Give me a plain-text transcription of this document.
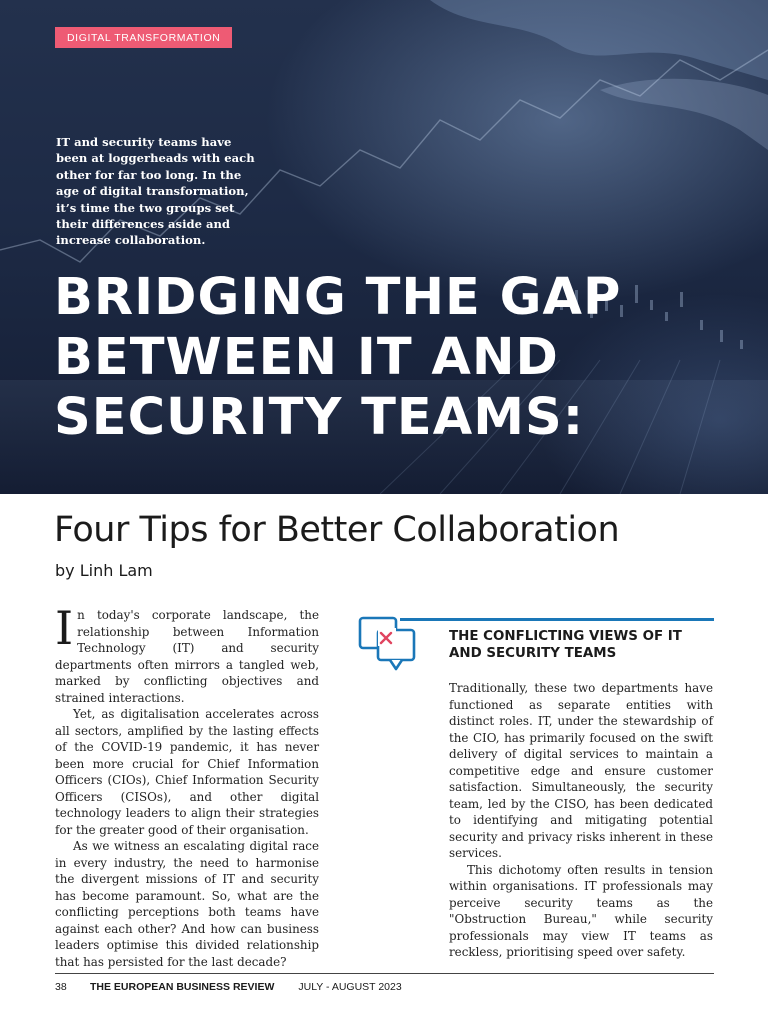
DIGITAL TRANSFORMATION
IT and security teams have been at loggerheads with each other for far too long. In the age of digital transformation, it’s time the two groups set their differences aside and increase collaboration.
BRIDGING THE GAP
BETWEEN IT AND
SECURITY TEAMS:
Four Tips for Better Collaboration
by Linh Lam

In today's corporate landscape, the relationship between Information Technology (IT) and security departments often mirrors a tangled web, marked by conflicting objectives and strained interactions.

Yet, as digitalisation accelerates across all sectors, amplified by the lasting effects of the COVID-19 pandemic, it has never been more crucial for Chief Information Officers (CIOs), Chief Information Security Officers (CISOs), and other digital technology leaders to align their strategies for the greater good of their organisation.

As we witness an escalating digital race in every industry, the need to harmonise the divergent missions of IT and security has become paramount. So, what are the conflicting perceptions both teams have against each other? And how can business leaders optimise this divided relationship that has persisted for the last decade?

THE CONFLICTING VIEWS OF IT AND SECURITY TEAMS

Traditionally, these two departments have functioned as separate entities with distinct roles. IT, under the stewardship of the CIO, has primarily focused on the swift delivery of digital services to maintain a competitive edge and ensure customer satisfaction. Simultaneously, the security team, led by the CISO, has been dedicated to identifying and mitigating potential security and privacy risks inherent in these services.

This dichotomy often results in tension within organisations. IT professionals may perceive security teams as the "Obstruction Bureau," while security professionals may view IT teams as reckless, prioritising speed over safety.

38	THE EUROPEAN BUSINESS REVIEW JULY - AUGUST 2023
